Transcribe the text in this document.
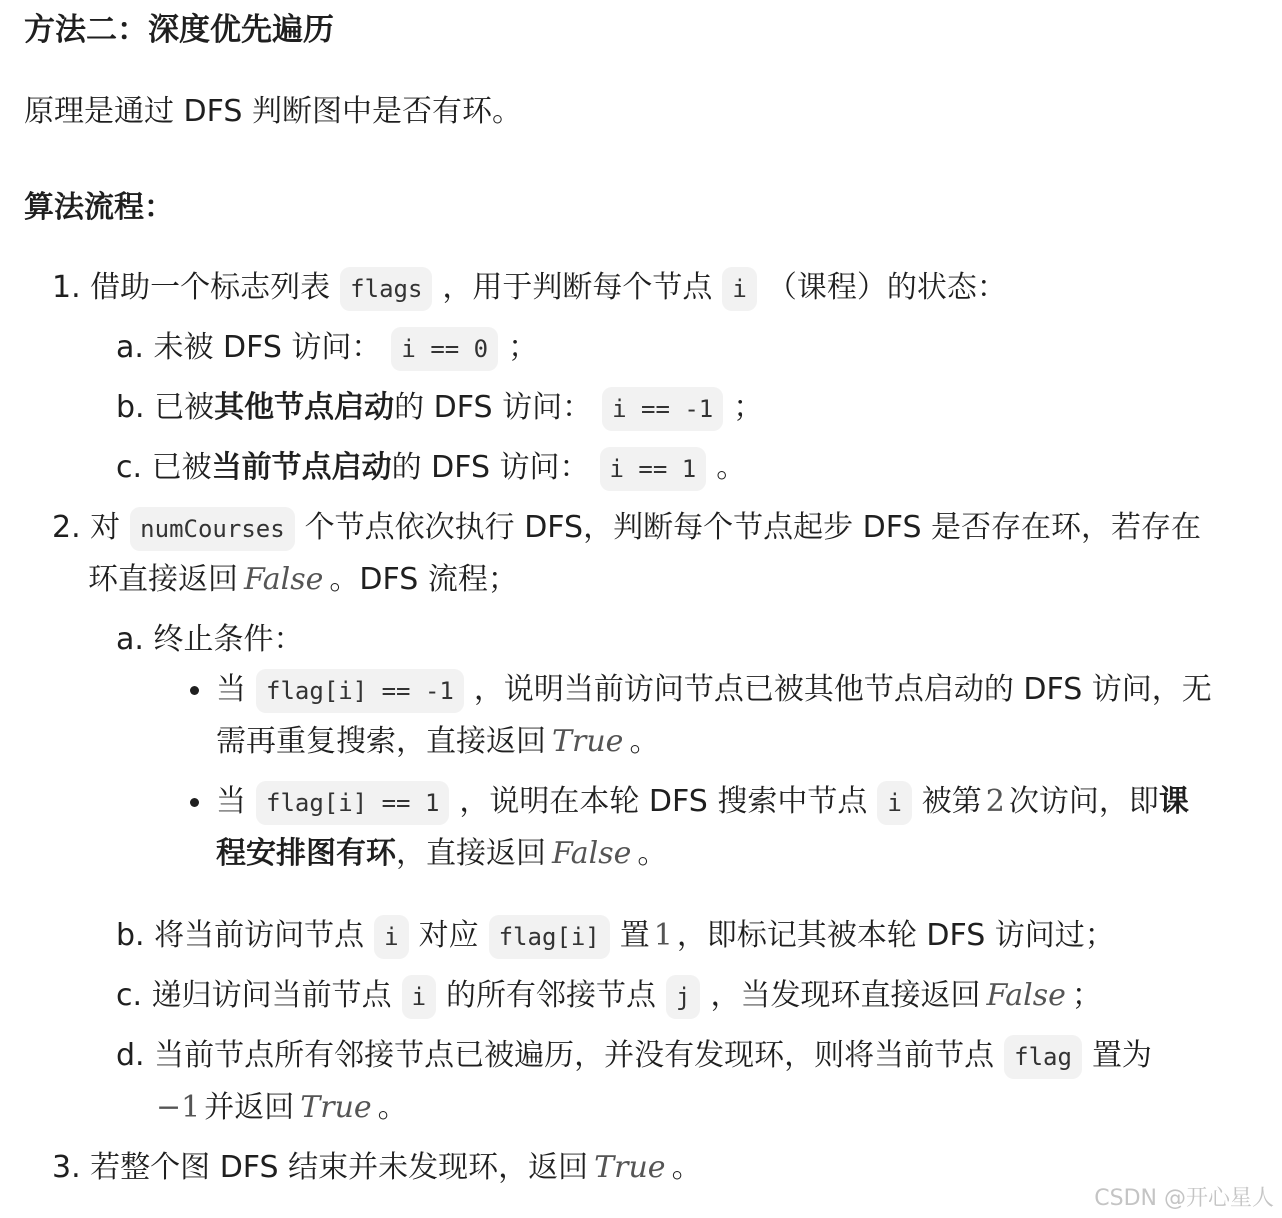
方法二：深度优先遍历
原理是通过 DFS 判断图中是否有环。
算法流程：
1. 借助一个标志列表 flags ，用于判断每个节点 i （课程）的状态：
a. 未被 DFS 访问： i == 0 ；
b. 已被其他节点启动的 DFS 访问： i == -1 ；
c. 已被当前节点启动的 DFS 访问： i == 1 。
2. 对 numCourses 个节点依次执行 DFS，判断每个节点起步 DFS 是否存在环，若存在
环直接返回 False 。DFS 流程；
a. 终止条件：
当 flag[i] == -1 ，说明当前访问节点已被其他节点启动的 DFS 访问，无
需再重复搜索，直接返回 True 。
当 flag[i] == 1 ，说明在本轮 DFS 搜索中节点 i 被第 2 次访问，即课
程安排图有环，直接返回 False 。
b. 将当前访问节点 i 对应 flag[i] 置 1 ，即标记其被本轮 DFS 访问过；
c. 递归访问当前节点 i 的所有邻接节点 j ，当发现环直接返回 False ；
d. 当前节点所有邻接节点已被遍历，并没有发现环，则将当前节点 flag 置为
−1 并返回 True 。
3. 若整个图 DFS 结束并未发现环，返回 True 。
CSDN @开心星人
